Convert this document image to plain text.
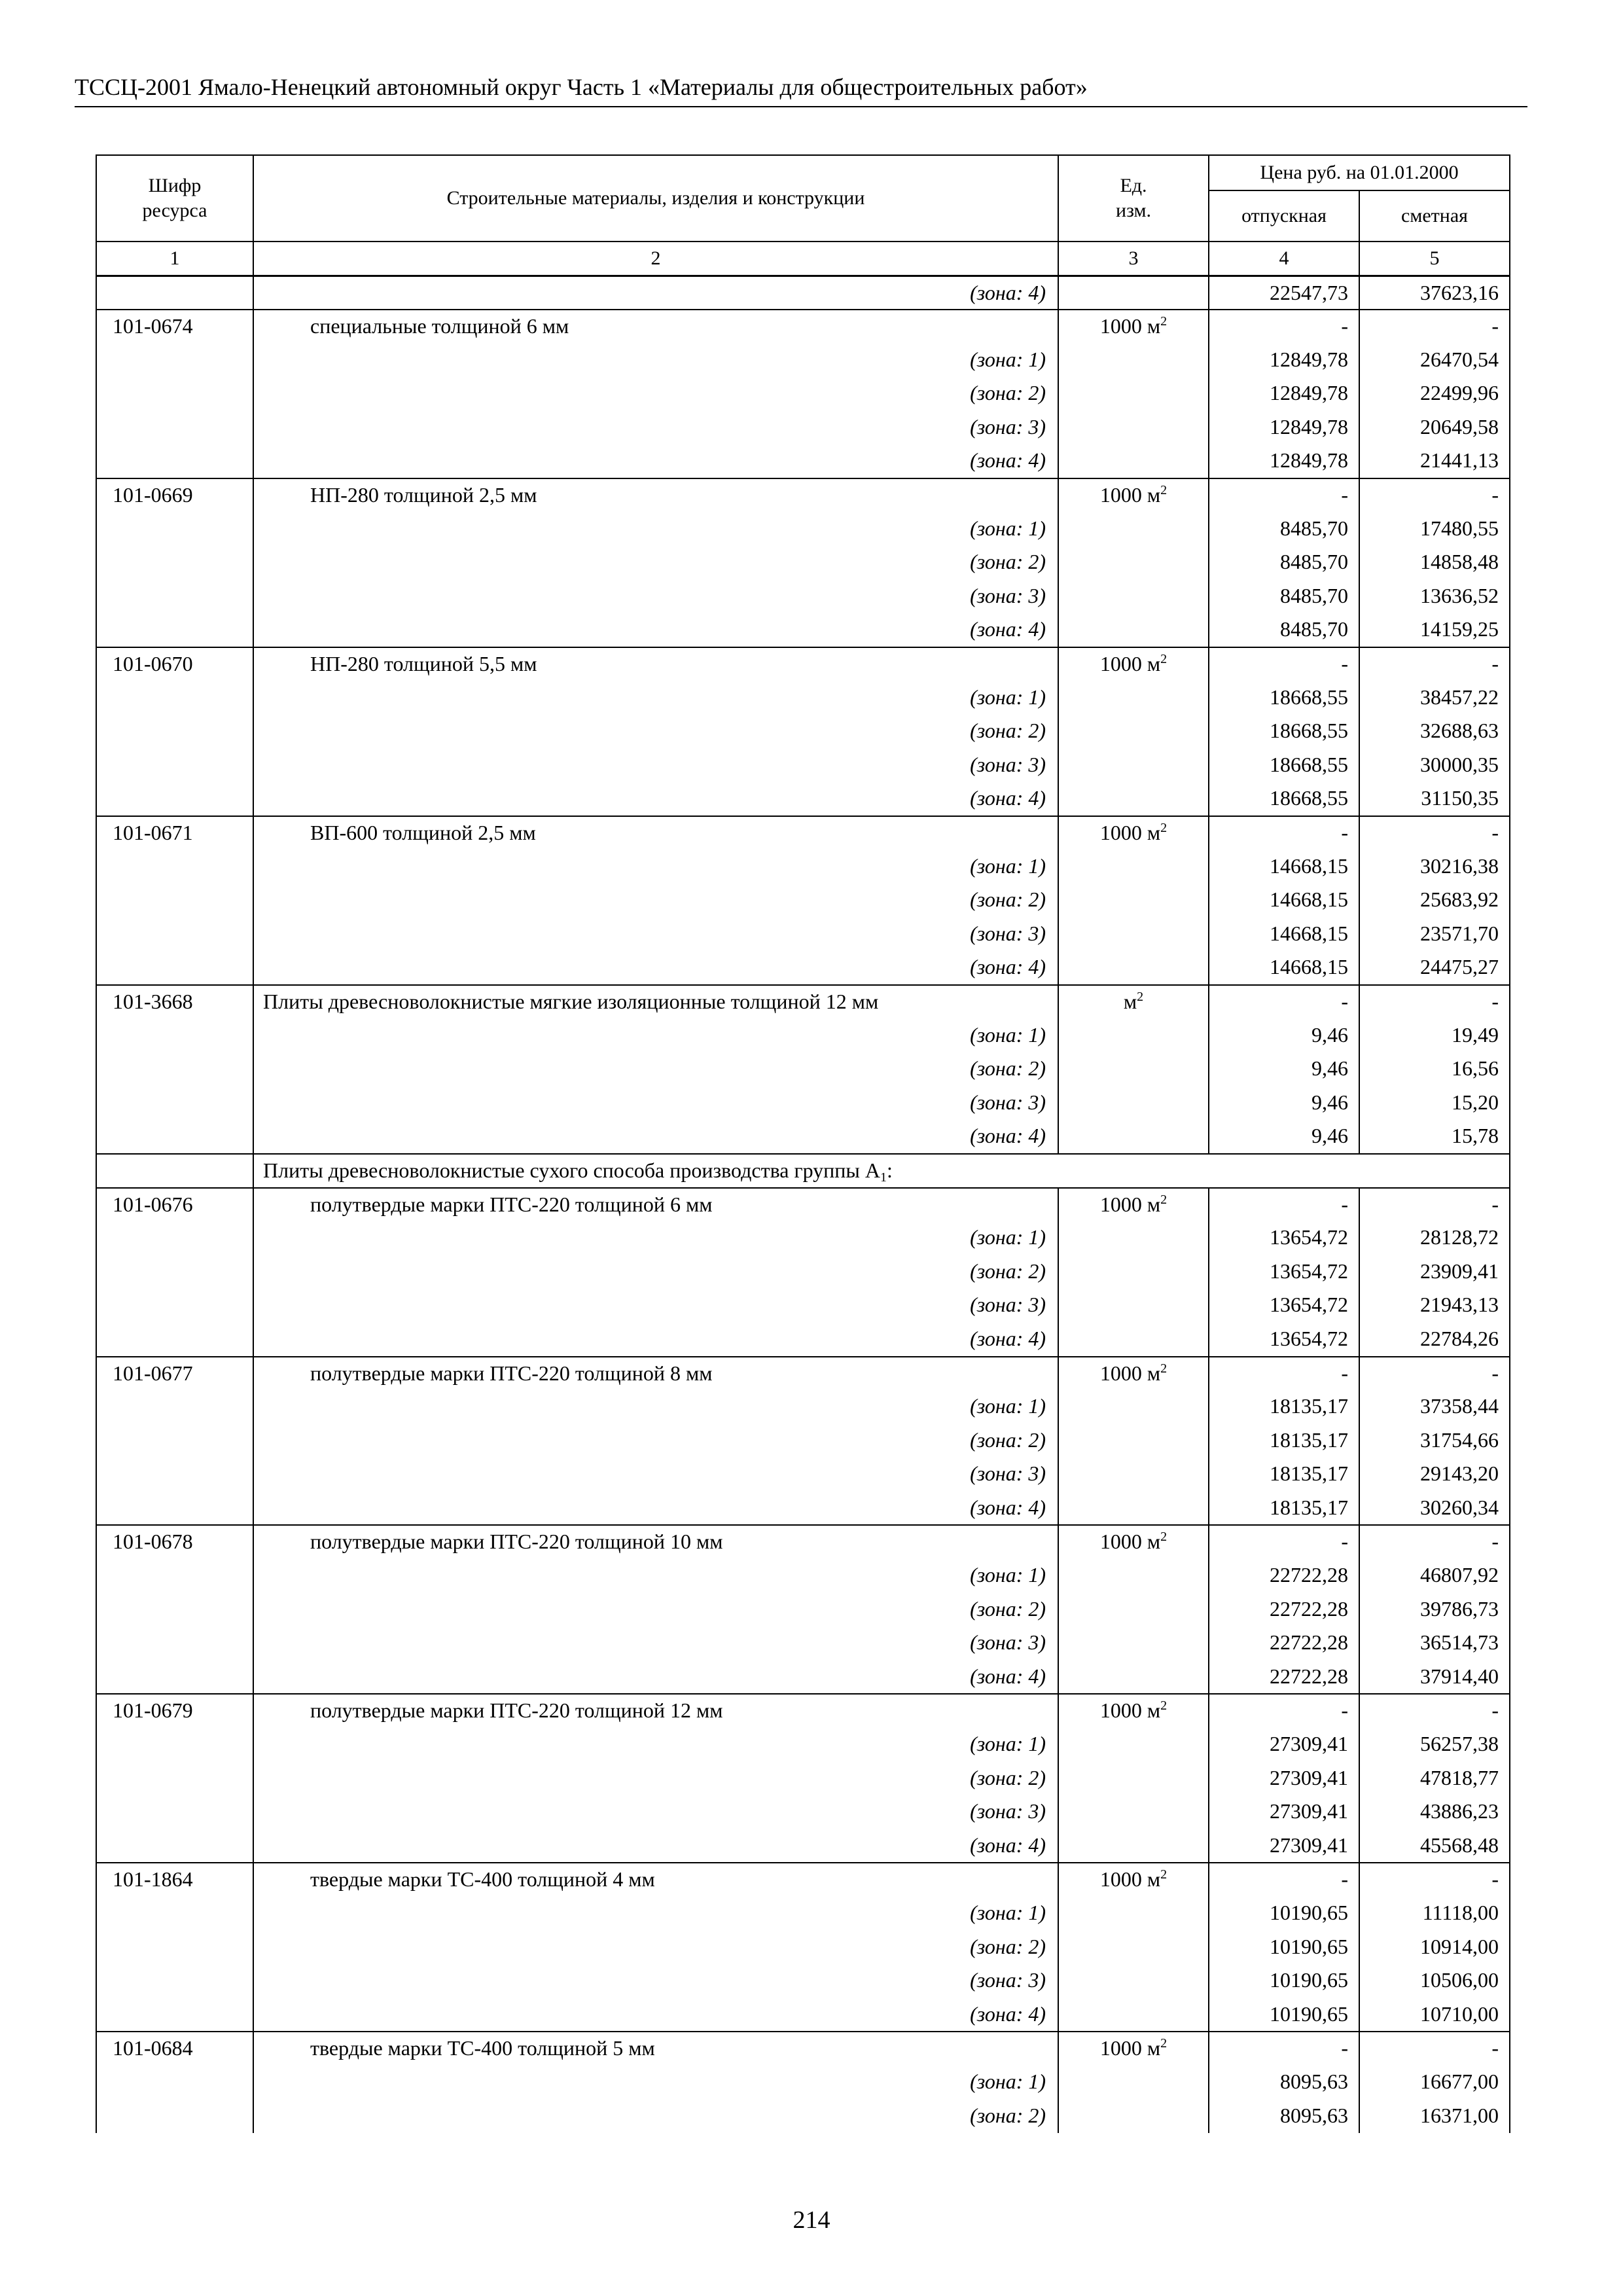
ТССЦ-2001 Ямало-Ненецкий автономный округ Часть 1 «Материалы для общестроительных работ»
Шифр ресурса	Строительные материалы, изделия и конструкции	Ед. изм.	Цена руб. на 01.01.2000	
			отпускная	сметная
1	2	3	4	5
	(зона: 4)		22547,73	37623,16
101-0674	специальные толщиной 6 мм	1000 $м^2$	-	-
	(зона: 1)		12849,78	26470,54
	(зона: 2)		12849,78	22499,96
	(зона: 3)		12849,78	20649,58
	(зона: 4)		12849,78	21441,13
101-0669	НП-280 толщиной 2,5 мм	1000 $м^2$	-	-
	(зона: 1)		8485,70	17480,55
	(зона: 2)		8485,70	14858,48
	(зона: 3)		8485,70	13636,52
	(зона: 4)		8485,70	14159,25
101-0670	НП-280 толщиной 5,5 мм	1000 $м^2$	-	-
	(зона: 1)		18668,55	38457,22
	(зона: 2)		18668,55	32688,63
	(зона: 3)		18668,55	30000,35
	(зона: 4)		18668,55	31150,35
101-0671	ВП-600 толщиной 2,5 мм	1000 $м^2$	-	-
	(зона: 1)		14668,15	30216,38
	(зона: 2)		14668,15	25683,92
	(зона: 3)		14668,15	23571,70
	(зона: 4)		14668,15	24475,27
101-3668	Плиты древесноволокнистые мягкие изоляционные толщиной 12 мм	$м^2$	-	-
	(зона: 1)		9,46	19,49
	(зона: 2)		9,46	16,56
	(зона: 3)		9,46	15,20
	(зона: 4)		9,46	15,78
	Плиты древесноволокнистые сухого способа производства группы $А_1$:			
101-0676	полутвердые марки ПТС-220 толщиной 6 мм	1000 $м^2$	-	-
	(зона: 1)		13654,72	28128,72
	(зона: 2)		13654,72	23909,41
	(зона: 3)		13654,72	21943,13
	(зона: 4)		13654,72	22784,26
101-0677	полутвердые марки ПТС-220 толщиной 8 мм	1000 $м^2$	-	-
	(зона: 1)		18135,17	37358,44
	(зона: 2)		18135,17	31754,66
	(зона: 3)		18135,17	29143,20
	(зона: 4)		18135,17	30260,34
101-0678	полутвердые марки ПТС-220 толщиной 10 мм	1000 $м^2$	-	-
	(зона: 1)		22722,28	46807,92
	(зона: 2)		22722,28	39786,73
	(зона: 3)		22722,28	36514,73
	(зона: 4)		22722,28	37914,40
101-0679	полутвердые марки ПТС-220 толщиной 12 мм	1000 $м^2$	-	-
	(зона: 1)		27309,41	56257,38
	(зона: 2)		27309,41	47818,77
	(зона: 3)		27309,41	43886,23
	(зона: 4)		27309,41	45568,48
101-1864	твердые марки ТС-400 толщиной 4 мм	1000 $м^2$	-	-
	(зона: 1)		10190,65	11118,00
	(зона: 2)		10190,65	10914,00
	(зона: 3)		10190,65	10506,00
	(зона: 4)		10190,65	10710,00
101-0684	твердые марки ТС-400 толщиной 5 мм	1000 $м^2$	-	-
	(зона: 1)		8095,63	16677,00
	(зона: 2)		8095,63	16371,00
214
